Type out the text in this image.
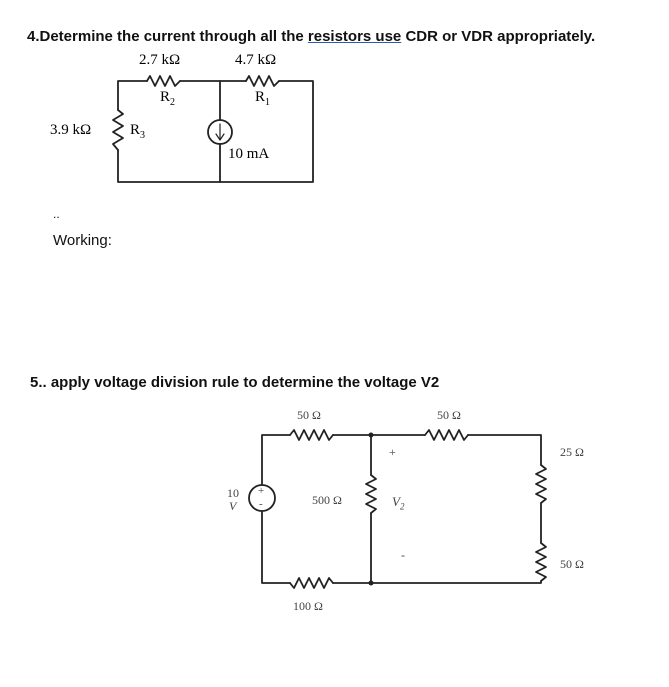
4.Determine the current through all the resistors use CDR or VDR appropriately.
2.7 kΩ	4.7 kΩ
$R_2$	$R_1$
3.9 kΩ	$R_3$
10 mA
..
Working:
5.. apply voltage division rule to determine the voltage V2
50 Ω	50 Ω
25 Ω
50 Ω
500 Ω
100 Ω
10
V
+
-
+
$V_2$
-
